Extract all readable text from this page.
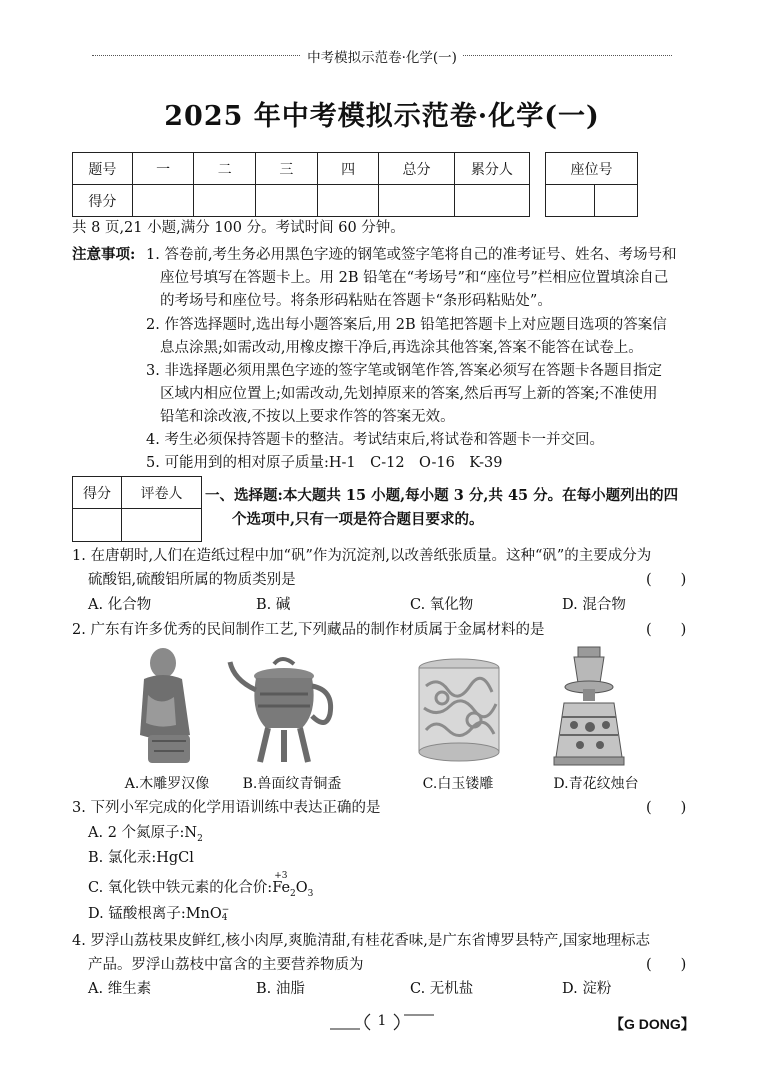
中考模拟示范卷·化学(一)
2025 年中考模拟示范卷·化学(一)
题号	一	二	三	四	总分	累分人
得分						
座位号

共 8 页,21 小题,满分 100 分。考试时间 60 分钟。
注意事项: 1. 答卷前,考生务必用黑色字迹的钢笔或签字笔将自己的准考证号、姓名、考场号和
座位号填写在答题卡上。用 2B 铅笔在“考场号”和“座位号”栏相应位置填涂自己
的考场号和座位号。将条形码粘贴在答题卡“条形码粘贴处”。
2. 作答选择题时,选出每小题答案后,用 2B 铅笔把答题卡上对应题目选项的答案信
息点涂黑;如需改动,用橡皮擦干净后,再选涂其他答案,答案不能答在试卷上。
3. 非选择题必须用黑色字迹的签字笔或钢笔作答,答案必须写在答题卡各题目指定
区域内相应位置上;如需改动,先划掉原来的答案,然后再写上新的答案;不准使用
铅笔和涂改液,不按以上要求作答的答案无效。
4. 考生必须保持答题卡的整洁。考试结束后,将试卷和答题卡一并交回。
5. 可能用到的相对原子质量:H-1　C-12　O-16　K-39
得分	评卷人
	一、选择题:本大题共 15 小题,每小题 3 分,共 45 分。在每小题列出的四
个选项中,只有一项是符合题目要求的。
1. 在唐朝时,人们在造纸过程中加“矾”作为沉淀剂,以改善纸张质量。这种“矾”的主要成分为
硫酸铝,硫酸铝所属的物质类别是	(　　)
A. 化合物	B. 碱	C. 氧化物	D. 混合物
2. 广东有许多优秀的民间制作工艺,下列藏品的制作材质属于金属材料的是	(　　)
A.木雕罗汉像	B.兽面纹青铜盉	C.白玉镂雕	D.青花纹烛台
3. 下列小军完成的化学用语训练中表达正确的是	(　　)
A. 2 个氮原子$:N_2$
B. 氯化汞:HgCl
C. 氧化铁中铁元素的化合价:
+3
$Fe_2O_3$
D. 锰酸根离子:MnO −
4
4. 罗浮山荔枝果皮鲜红,核小肉厚,爽脆清甜,有桂花香味,是广东省博罗县特产,国家地理标志
产品。罗浮山荔枝中富含的主要营养物质为	(　　)
A. 维生素	B. 油脂	C. 无机盐	D. 淀粉
1	【G DONG】
